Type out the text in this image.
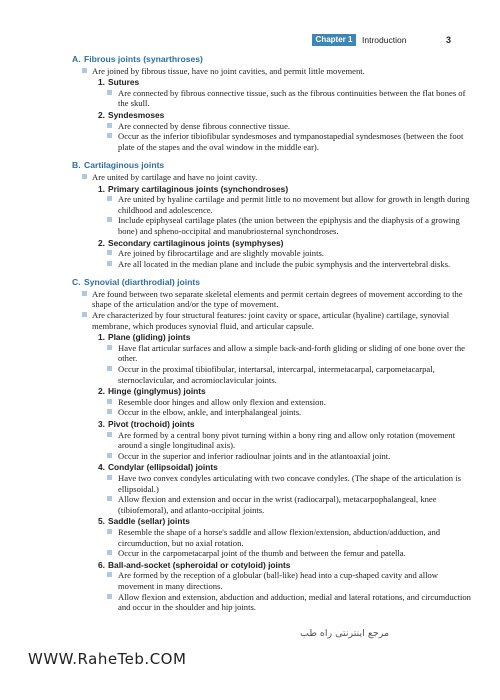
Chapter 1	Introduction	3
A. Fibrous joints (synarthroses)
Are joined by fibrous tissue, have no joint cavities, and permit little movement.
1. Sutures
Are connected by fibrous connective tissue, such as the fibrous continuities between the flat bones of the skull.
2. Syndesmoses
Are connected by dense fibrous connective tissue.
Occur as the inferior tibiofibular syndesmoses and tympanostapedial syndesmoses (between the foot plate of the stapes and the oval window in the middle ear).
B. Cartilaginous joints
Are united by cartilage and have no joint cavity.
1. Primary cartilaginous joints (synchondroses)
Are united by hyaline cartilage and permit little to no movement but allow for growth in length during childhood and adolescence.
Include epiphyseal cartilage plates (the union between the epiphysis and the diaphysis of a growing bone) and spheno-occipital and manubriosternal synchondroses.
2. Secondary cartilaginous joints (symphyses)
Are joined by fibrocartilage and are slightly movable joints.
Are all located in the median plane and include the pubic symphysis and the intervertebral disks.
C. Synovial (diarthrodial) joints
Are found between two separate skeletal elements and permit certain degrees of movement according to the shape of the articulation and/or the type of movement.
Are characterized by four structural features: joint cavity or space, articular (hyaline) cartilage, synovial membrane, which produces synovial fluid, and articular capsule.
1. Plane (gliding) joints
Have flat articular surfaces and allow a simple back-and-forth gliding or sliding of one bone over the other.
Occur in the proximal tibiofibular, intertarsal, intercarpal, intermetacarpal, carpometacarpal, sternoclavicular, and acromioclavicular joints.
2. Hinge (ginglymus) joints
Resemble door hinges and allow only flexion and extension.
Occur in the elbow, ankle, and interphalangeal joints.
3. Pivot (trochoid) joints
Are formed by a central bony pivot turning within a bony ring and allow only rotation (movement around a single longitudinal axis).
Occur in the superior and inferior radioulnar joints and in the atlantoaxial joint.
4. Condylar (ellipsoidal) joints
Have two convex condyles articulating with two concave condyles. (The shape of the articulation is ellipsoidal.)
Allow flexion and extension and occur in the wrist (radiocarpal), metacarpophalangeal, knee (tibiofemoral), and atlanto-occipital joints.
5. Saddle (sellar) joints
Resemble the shape of a horse's saddle and allow flexion/extension, abduction/adduction, and circumduction, but no axial rotation.
Occur in the carpometacarpal joint of the thumb and between the femur and patella.
6. Ball-and-socket (spheroidal or cotyloid) joints
Are formed by the reception of a globular (ball-like) head into a cup-shaped cavity and allow movement in many directions.
Allow flexion and extension, abduction and adduction, medial and lateral rotations, and circumduction and occur in the shoulder and hip joints.
مرجع اینترنتی راه طب
WWW.RaheTeb.COM
